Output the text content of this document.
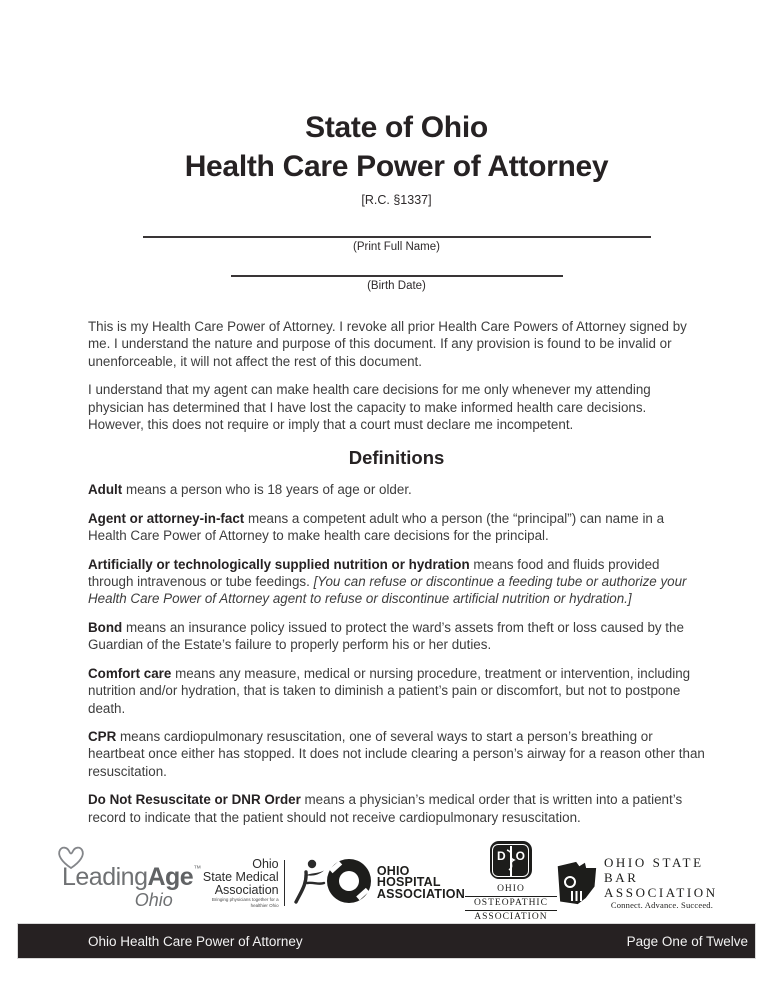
State of Ohio
Health Care Power of Attorney
[R.C. §1337]
(Print Full Name)
(Birth Date)

This is my Health Care Power of Attorney. I revoke all prior Health Care Powers of Attorney signed by me. I understand the nature and purpose of this document. If any provision is found to be invalid or unenforceable, it will not affect the rest of this document.

I understand that my agent can make health care decisions for me only whenever my attending physician has determined that I have lost the capacity to make informed health care decisions. However, this does not require or imply that a court must declare me incompetent.

Definitions

Adult means a person who is 18 years of age or older.

Agent or attorney-in-fact means a competent adult who a person (the “principal”) can name in a Health Care Power of Attorney to make health care decisions for the principal.

Artificially or technologically supplied nutrition or hydration means food and fluids provided through intravenous or tube feedings. [You can refuse or discontinue a feeding tube or authorize your Health Care Power of Attorney agent to refuse or discontinue artificial nutrition or hydration.]

Bond means an insurance policy issued to protect the ward’s assets from theft or loss caused by the Guardian of the Estate’s failure to properly perform his or her duties.

Comfort care means any measure, medical or nursing procedure, treatment or intervention, including nutrition and/or hydration, that is taken to diminish a patient’s pain or discomfort, but not to postpone death.

CPR means cardiopulmonary resuscitation, one of several ways to start a person’s breathing or heartbeat once either has stopped. It does not include clearing a person’s airway for a reason other than resuscitation.

Do Not Resuscitate or DNR Order means a physician’s medical order that is written into a patient’s record to indicate that the patient should not receive cardiopulmonary resuscitation.

LeadingAge™
Ohio
Ohio
State Medical
Association
Bringing physicians together for a healthier Ohio
OHIO
HOSPITAL
ASSOCIATION
D O
OHIO
OSTEOPATHIC
ASSOCIATION
OHIO STATE BAR
ASSOCIATION
Connect. Advance. Succeed.
Ohio Health Care Power of Attorney	Page One of Twelve
